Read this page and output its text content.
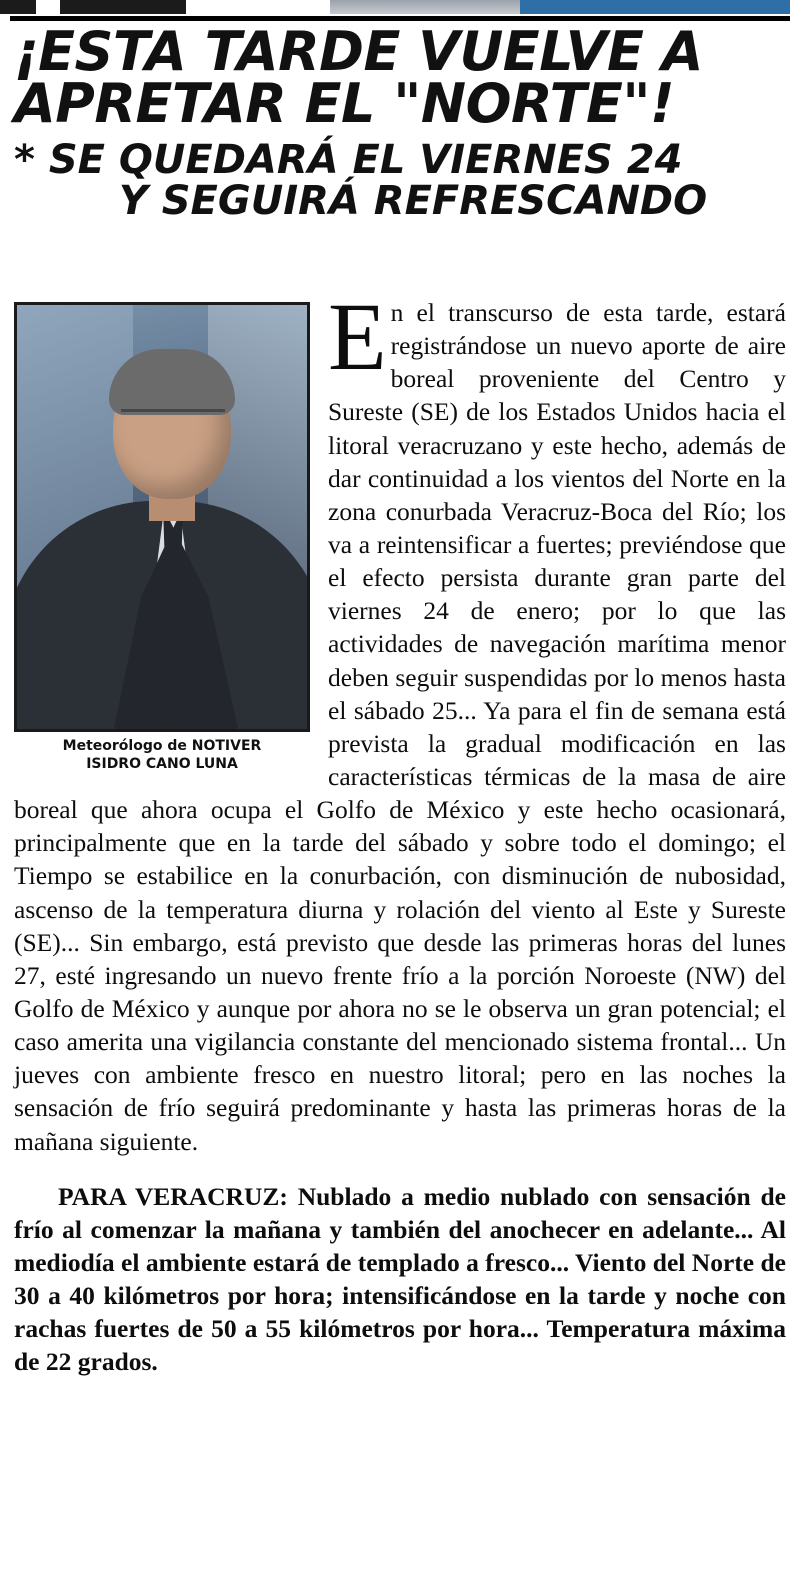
¡ESTA TARDE VUELVE A
APRETAR EL "NORTE"!
* SE QUEDARÁ EL VIERNES 24
Y SEGUIRÁ REFRESCANDO
Meteorólogo de NOTIVER
ISIDRO CANO LUNA

En el transcurso de esta tarde, estará registrándose un nuevo aporte de aire boreal proveniente del Centro y Sureste (SE) de los Estados Unidos hacia el litoral veracruzano y este hecho, además de dar continuidad a los vientos del Norte en la zona conurbada Veracruz-Boca del Río; los va a reintensificar a fuertes; previéndose que el efecto persista durante gran parte del viernes 24 de enero; por lo que las actividades de navegación marítima menor deben seguir suspendidas por lo menos hasta el sábado 25... Ya para el fin de semana está prevista la gradual modificación en las características térmicas de la masa de aire boreal que ahora ocupa el Golfo de México y este hecho ocasionará, principalmente que en la tarde del sábado y sobre todo el domingo; el Tiempo se estabilice en la conurbación, con disminución de nubosidad, ascenso de la temperatura diurna y rolación del viento al Este y Sureste (SE)... Sin embargo, está previsto que desde las primeras horas del lunes 27, esté ingresando un nuevo frente frío a la porción Noroeste (NW) del Golfo de México y aunque por ahora no se le observa un gran potencial; el caso amerita una vigilancia constante del mencionado sistema frontal... Un jueves con ambiente fresco en nuestro litoral; pero en las noches la sensación de frío seguirá predominante y hasta las primeras horas de la mañana siguiente.

PARA VERACRUZ: Nublado a medio nublado con sensación de frío al comenzar la mañana y también del anochecer en adelante... Al mediodía el ambiente estará de templado a fresco... Viento del Norte de 30 a 40 kilómetros por hora; intensificándose en la tarde y noche con rachas fuertes de 50 a 55 kilómetros por hora... Temperatura máxima de 22 grados.
